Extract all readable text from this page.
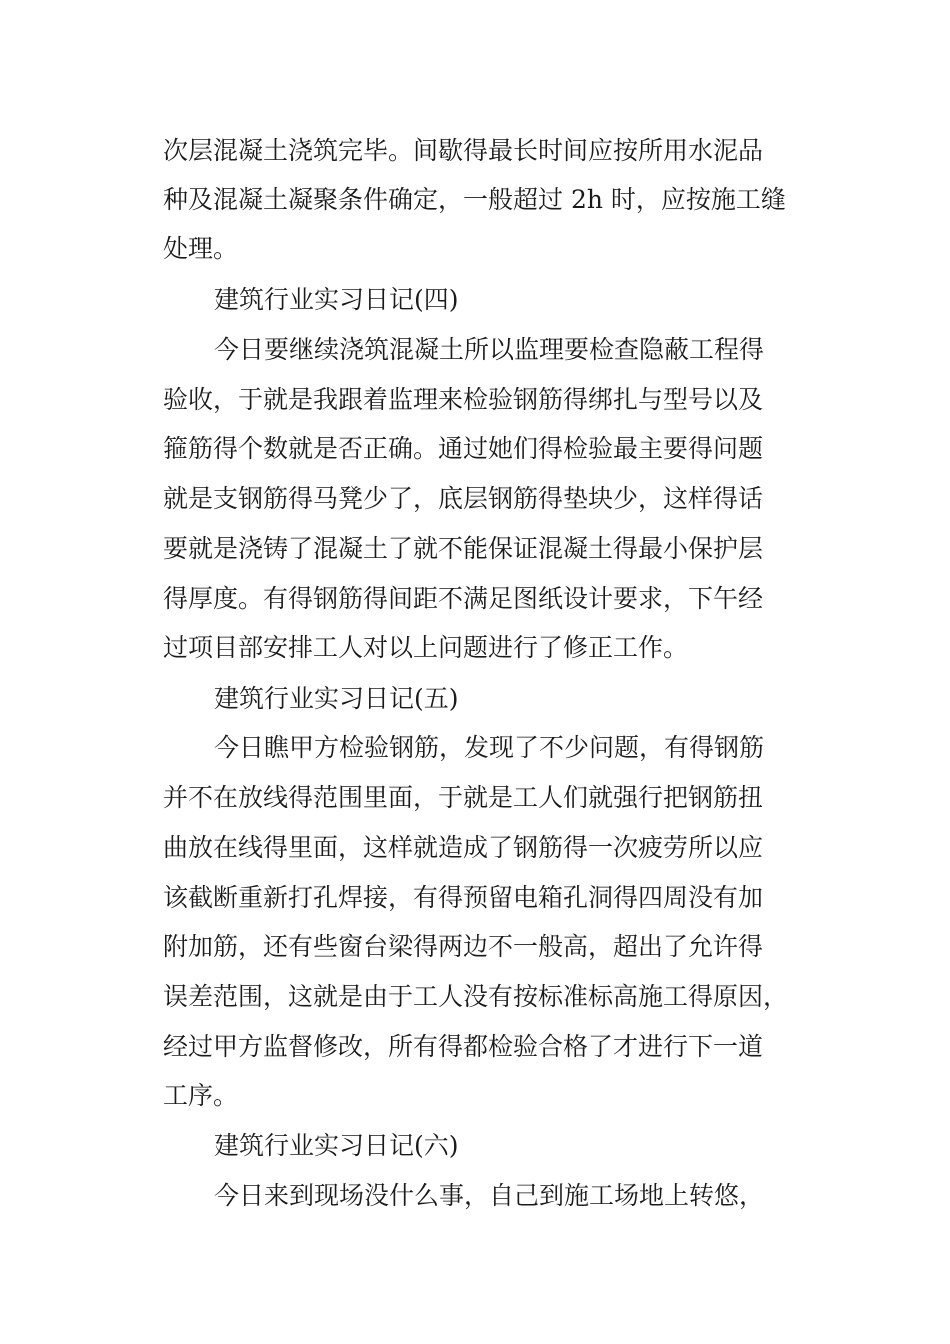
次层混凝土浇筑完毕。间歇得最长时间应按所用水泥品

种及混凝土凝聚条件确定，一般超过 2h 时，应按施工缝

处理。

建筑行业实习日记(四)

今日要继续浇筑混凝土所以监理要检查隐蔽工程得

验收，于就是我跟着监理来检验钢筋得绑扎与型号以及

箍筋得个数就是否正确。通过她们得检验最主要得问题

就是支钢筋得马凳少了，底层钢筋得垫块少，这样得话

要就是浇铸了混凝土了就不能保证混凝土得最小保护层

得厚度。有得钢筋得间距不满足图纸设计要求，下午经

过项目部安排工人对以上问题进行了修正工作。

建筑行业实习日记(五)

今日瞧甲方检验钢筋，发现了不少问题，有得钢筋

并不在放线得范围里面，于就是工人们就强行把钢筋扭

曲放在线得里面，这样就造成了钢筋得一次疲劳所以应

该截断重新打孔焊接，有得预留电箱孔洞得四周没有加

附加筋，还有些窗台梁得两边不一般高，超出了允许得

误差范围，这就是由于工人没有按标准标高施工得原因，

经过甲方监督修改，所有得都检验合格了才进行下一道

工序。

建筑行业实习日记(六)

今日来到现场没什么事，自己到施工场地上转悠，
